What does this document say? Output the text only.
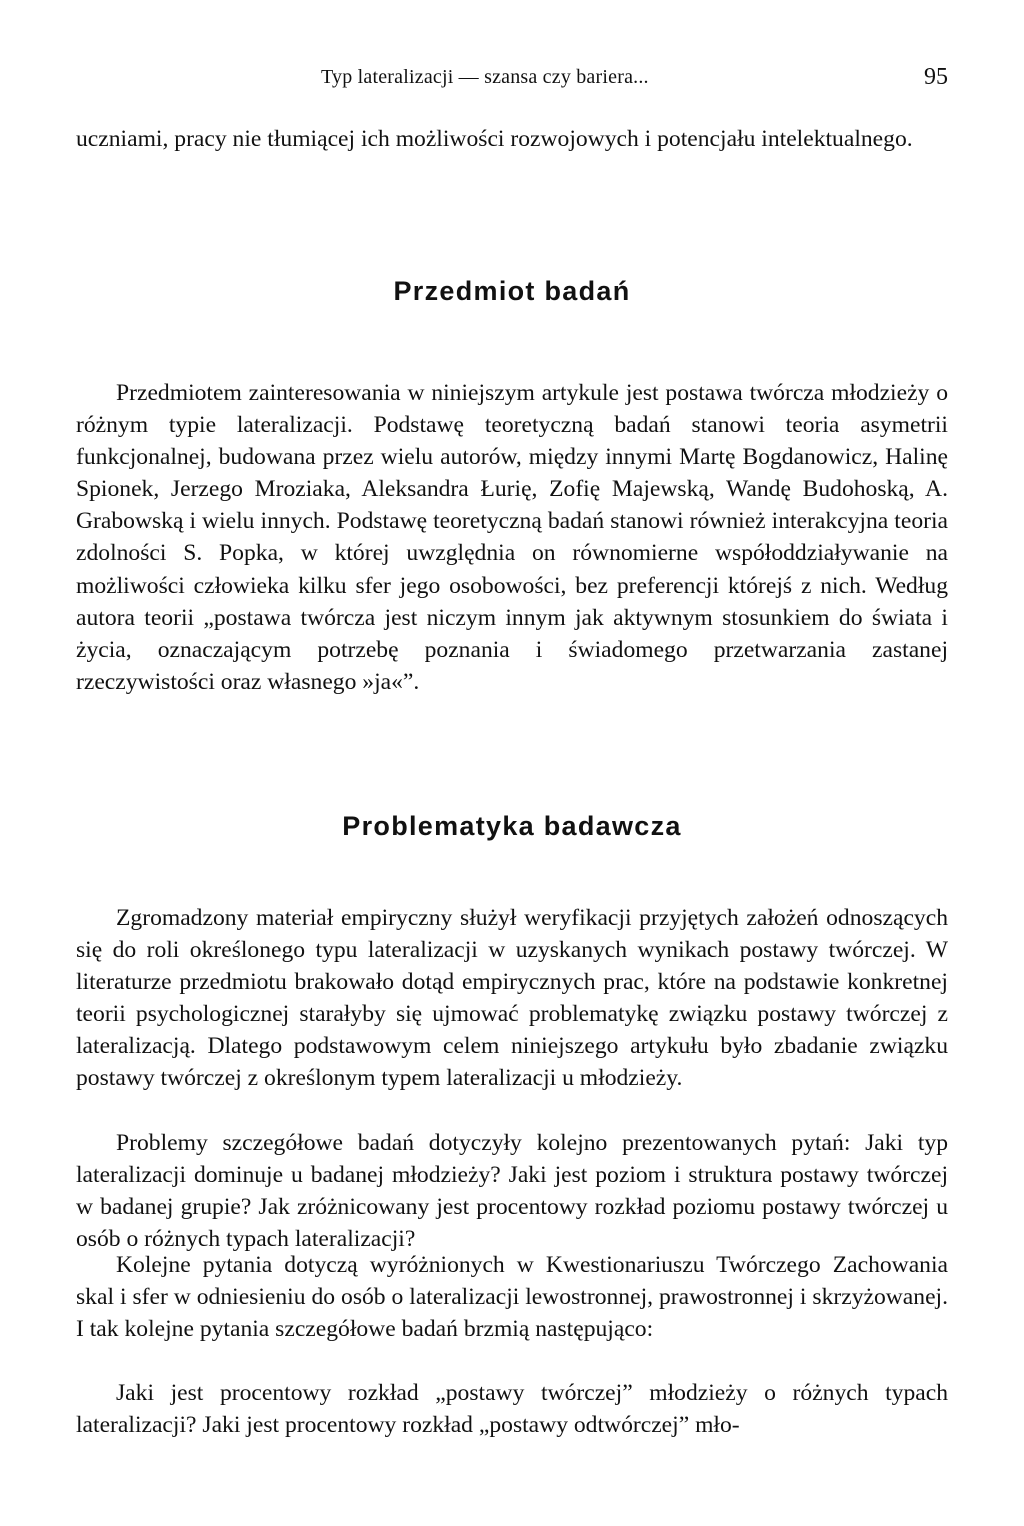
Typ lateralizacji — szansa czy bariera...	95

uczniami, pracy nie tłumiącej ich możliwości rozwojowych i potencjału intelektualnego.

Przedmiot badań

Przedmiotem zainteresowania w niniejszym artykule jest postawa twórcza młodzieży o różnym typie lateralizacji. Podstawę teoretyczną badań stanowi teoria asymetrii funkcjonalnej, budowana przez wielu autorów, między innymi Martę Bogdanowicz, Halinę Spionek, Jerzego Mroziaka, Aleksandra Łurię, Zofię Majewską, Wandę Budohoską, A. Grabowską i wielu innych. Podstawę teoretyczną badań stanowi również interakcyjna teoria zdolności S. Popka, w której uwzględnia on równomierne współoddziaływanie na możliwości człowieka kilku sfer jego osobowości, bez preferencji którejś z nich. Według autora teorii „postawa twórcza jest niczym innym jak aktywnym stosunkiem do świata i życia, oznaczającym potrzebę poznania i świadomego przetwarzania zastanej rzeczywistości oraz własnego »ja«”.

Problematyka badawcza

Zgromadzony materiał empiryczny służył weryfikacji przyjętych założeń odnoszących się do roli określonego typu lateralizacji w uzyskanych wynikach postawy twórczej. W literaturze przedmiotu brakowało dotąd empirycznych prac, które na podstawie konkretnej teorii psychologicznej starałyby się ujmować problematykę związku postawy twórczej z lateralizacją. Dlatego podstawowym celem niniejszego artykułu było zbadanie związku postawy twórczej z określonym typem lateralizacji u młodzieży.

Problemy szczegółowe badań dotyczyły kolejno prezentowanych pytań: Jaki typ lateralizacji dominuje u badanej młodzieży? Jaki jest poziom i struktura postawy twórczej w badanej grupie? Jak zróżnicowany jest procentowy rozkład poziomu postawy twórczej u osób o różnych typach lateralizacji?

Kolejne pytania dotyczą wyróżnionych w Kwestionariuszu Twórczego Zachowania skal i sfer w odniesieniu do osób o lateralizacji lewostronnej, prawostronnej i skrzyżowanej. I tak kolejne pytania szczegółowe badań brzmią następująco:

Jaki jest procentowy rozkład „postawy twórczej” młodzieży o różnych typach lateralizacji? Jaki jest procentowy rozkład „postawy odtwórczej” mło-
